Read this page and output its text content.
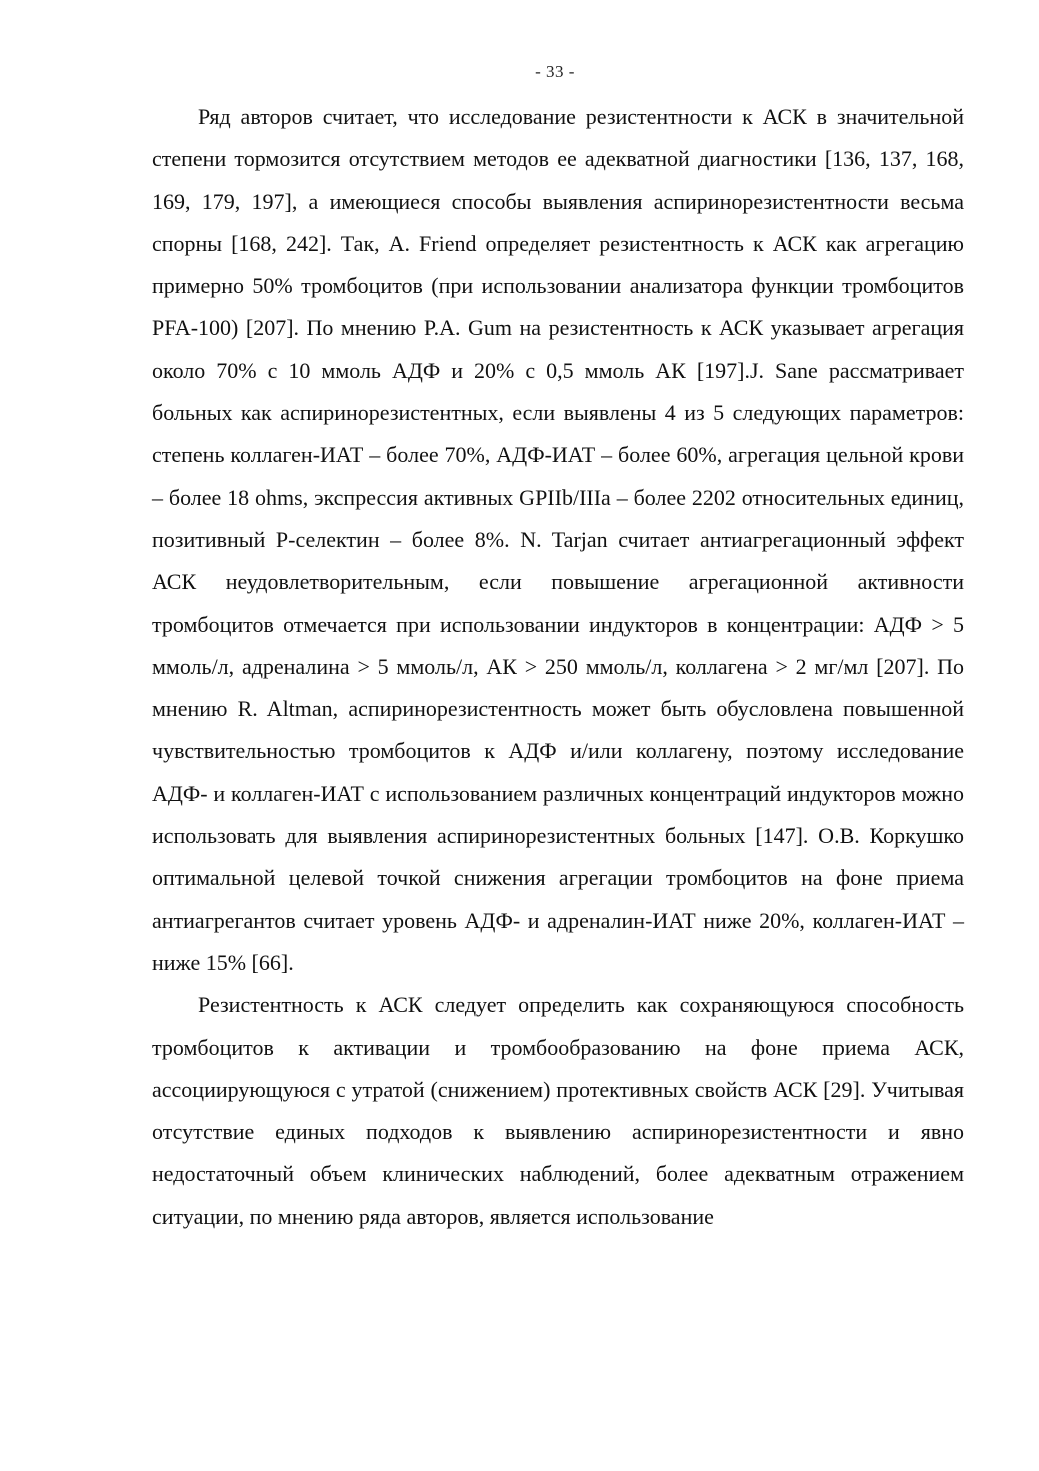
- 33 -

Ряд авторов считает, что исследование резистентности к АСК в значительной степени тормозится отсутствием методов ее адекватной диагностики [136, 137, 168, 169, 179, 197], а имеющиеся способы выявления аспиринорезистентности весьма спорны [168, 242]. Так, A. Friend определяет резистентность к АСК как агрегацию примерно 50% тромбоцитов (при использовании анализатора функции тромбоцитов PFA-100) [207]. По мнению P.A. Gum на резистентность к АСК указывает агрегация около 70% с 10 ммоль АДФ и 20% с 0,5 ммоль АК [197].J. Sane рассматривает больных как аспиринорезистентных, если выявлены 4 из 5 следующих параметров: степень коллаген-ИАТ – более 70%, АДФ-ИАТ – более 60%, агрегация цельной крови – более 18 ohms, экспрессия активных GPIIb/IIIa – более 2202 относительных единиц, позитивный Р-селектин – более 8%. N. Tarjan считает антиагрегационный эффект АСК неудовлетворительным, если повышение агрегационной активности тромбоцитов отмечается при использовании индукторов в концентрации: АДФ > 5 ммоль/л, адреналина > 5 ммоль/л, АК > 250 ммоль/л, коллагена > 2 мг/мл [207]. По мнению R. Altman, аспиринорезистентность может быть обусловлена повышенной чувствительностью тромбоцитов к АДФ и/или коллагену, поэтому исследование АДФ- и коллаген-ИАТ с использованием различных концентраций индукторов можно использовать для выявления аспиринорезистентных больных [147]. О.В. Коркушко оптимальной целевой точкой снижения агрегации тромбоцитов на фоне приема антиагрегантов считает уровень АДФ- и адреналин-ИАТ ниже 20%, коллаген-ИАТ – ниже 15% [66].

Резистентность к АСК следует определить как сохраняющуюся способность тромбоцитов к активации и тромбообразованию на фоне приема АСК, ассоциирующуюся с утратой (снижением) протективных свойств АСК [29]. Учитывая отсутствие единых подходов к выявлению аспиринорезистентности и явно недостаточный объем клинических наблюдений, более адекватным отражением ситуации, по мнению ряда авторов, является использование
